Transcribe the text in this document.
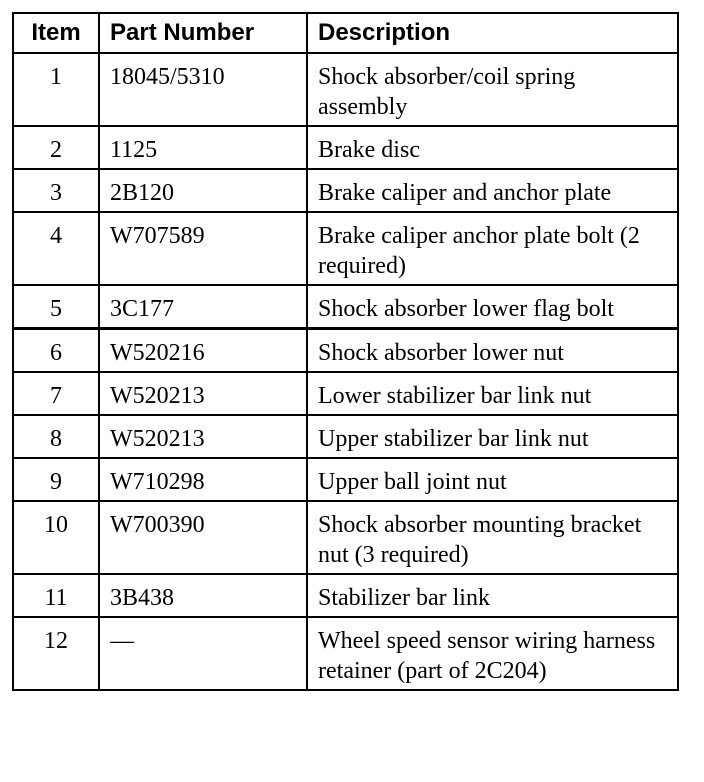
Item	Part Number	Description
1	18045/5310	Shock absorber/coil spring assembly
2	1125	Brake disc
3	2B120	Brake caliper and anchor plate
4	W707589	Brake caliper anchor plate bolt (2 required)
5	3C177	Shock absorber lower flag bolt
6	W520216	Shock absorber lower nut
7	W520213	Lower stabilizer bar link nut
8	W520213	Upper stabilizer bar link nut
9	W710298	Upper ball joint nut
10	W700390	Shock absorber mounting bracket nut (3 required)
11	3B438	Stabilizer bar link
12	—	Wheel speed sensor wiring harness retainer (part of 2C204)
